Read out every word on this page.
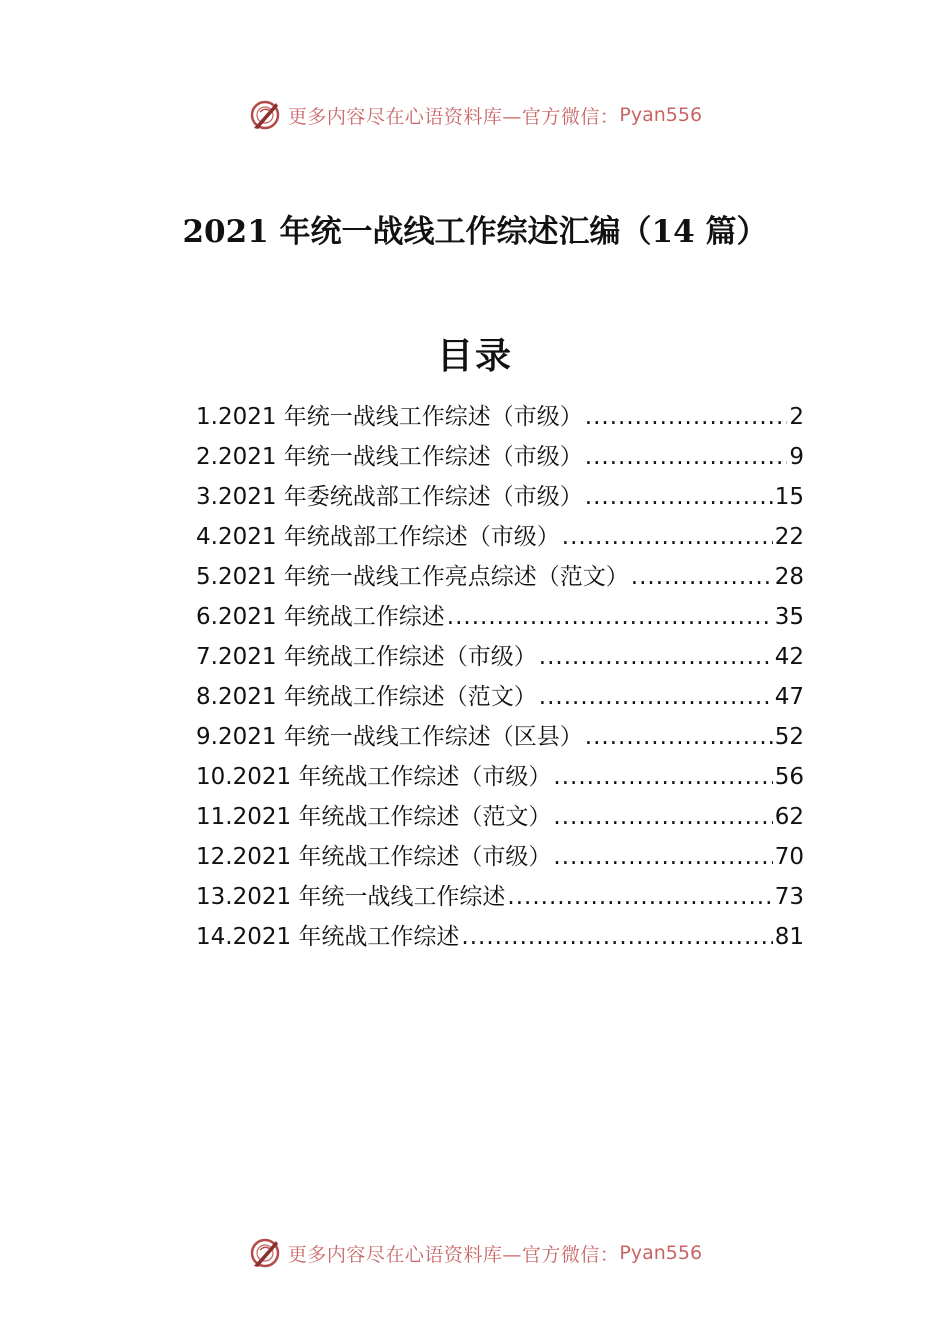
更多内容尽在心语资料库—官方微信： Pyan556
2021 年统一战线工作综述汇编（14 篇）
目录
1.2021 年统一战线工作综述（市级） .....	2
2.2021 年统一战线工作综述（市级） .....	9
3.2021 年委统战部工作综述（市级） .....	15
4.2021 年统战部工作综述（市级） .....	22
5.2021 年统一战线工作亮点综述（范文） .....	28
6.2021 年统战工作综述 .....	35
7.2021 年统战工作综述（市级） .....	42
8.2021 年统战工作综述（范文） .....	47
9.2021 年统一战线工作综述（区县） .....	52
10.2021 年统战工作综述（市级） .....	56
11.2021 年统战工作综述（范文） .....	62
12.2021 年统战工作综述（市级） .....	70
13.2021 年统一战线工作综述 .....	73
14.2021 年统战工作综述 .....	81
更多内容尽在心语资料库—官方微信： Pyan556
